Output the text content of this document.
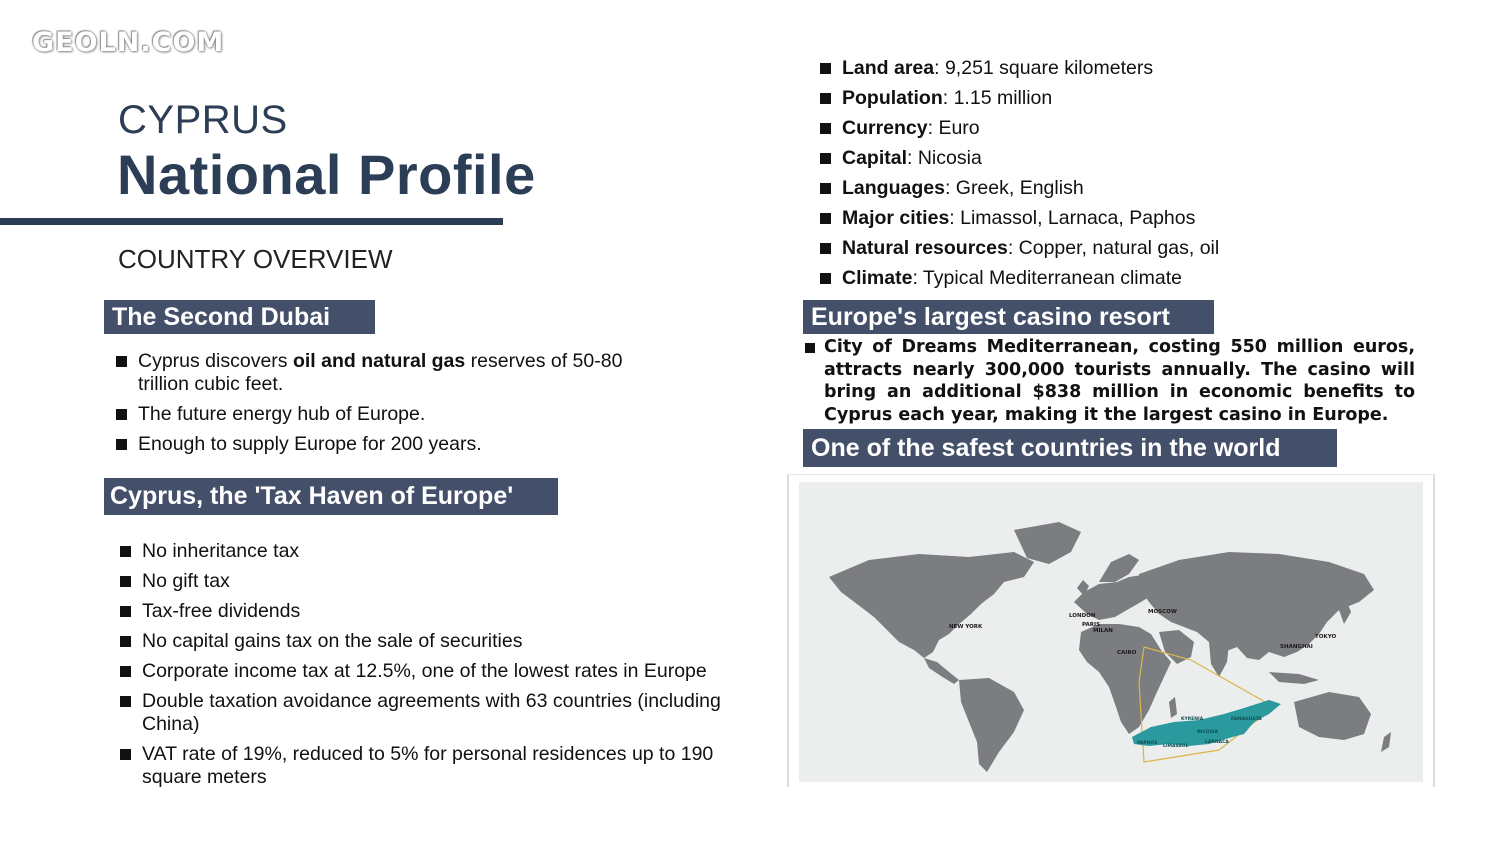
GEOLN.COM
CYPRUS
National Profile
COUNTRY OVERVIEW
The Second Dubai
Cyprus discovers oil and natural gas reserves of 50-80 trillion cubic feet.
The future energy hub of Europe.
Enough to supply Europe for 200 years.
Cyprus, the 'Tax Haven of Europe'
No inheritance tax
No gift tax
Tax-free dividends
No capital gains tax on the sale of securities
Corporate income tax at 12.5%, one of the lowest rates in Europe
Double taxation avoidance agreements with 63 countries (including China)
VAT rate of 19%, reduced to 5% for personal residences up to 190 square meters
Land area: 9,251 square kilometers
Population: 1.15 million
Currency: Euro
Capital: Nicosia
Languages: Greek, English
Major cities: Limassol, Larnaca, Paphos
Natural resources: Copper, natural gas, oil
Climate: Typical Mediterranean climate
Europe's largest casino resort

City of Dreams Mediterranean, costing 550 million euros, attracts nearly 300,000 tourists annually. The casino will bring an additional $838 million in economic benefits to Cyprus each year, making it the largest casino in Europe.

One of the safest countries in the world
NEW YORK
LONDON
PARIS
MILAN
MOSCOW
CAIRO
SHANGHAI
TOKYO
KYRENIA
NICOSIA
FAMAGUSTA
PAPHOS
LIMASSOL
LARNACA
